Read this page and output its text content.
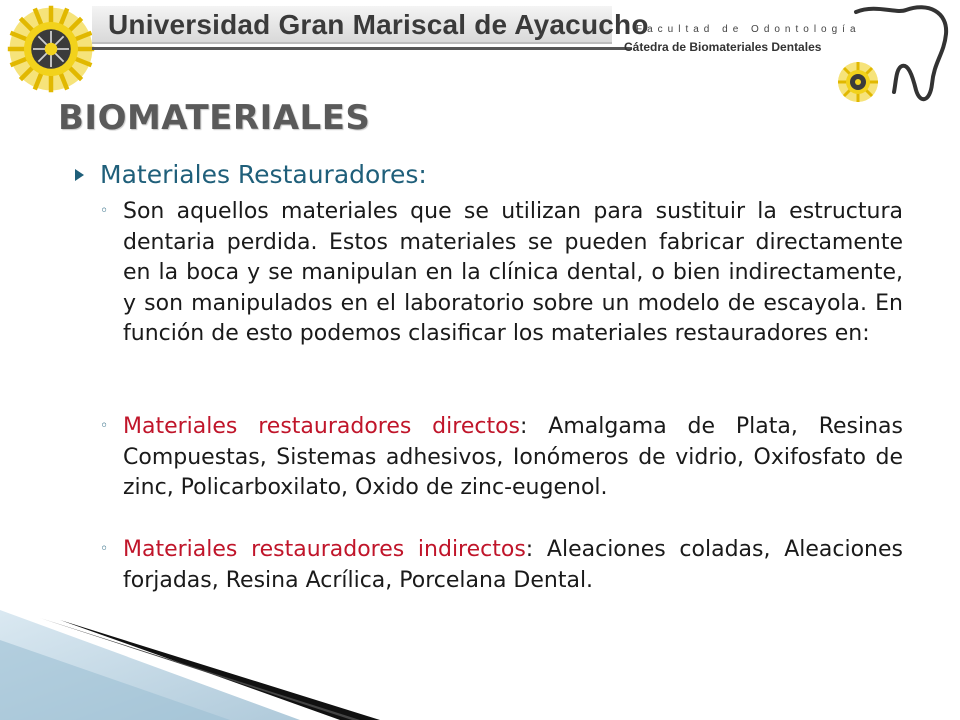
Universidad Gran Mariscal de Ayacucho
Facultad de Odontología
Cátedra de Biomateriales Dentales
BIOMATERIALES
Materiales Restauradores:
◦ Son aquellos materiales que se utilizan para sustituir la estructura dentaria perdida. Estos materiales se pueden fabricar directamente en la boca y se manipulan en la clínica dental, o bien indirectamente, y son manipulados en el laboratorio sobre un modelo de escayola. En función de esto podemos clasificar los materiales restauradores en:

◦ Materiales restauradores directos: Amalgama de Plata, Resinas Compuestas, Sistemas adhesivos, Ionómeros de vidrio, Oxifosfato de zinc, Policarboxilato, Oxido de zinc-eugenol.

◦ Materiales restauradores indirectos: Aleaciones coladas, Aleaciones forjadas, Resina Acrílica, Porcelana Dental.
